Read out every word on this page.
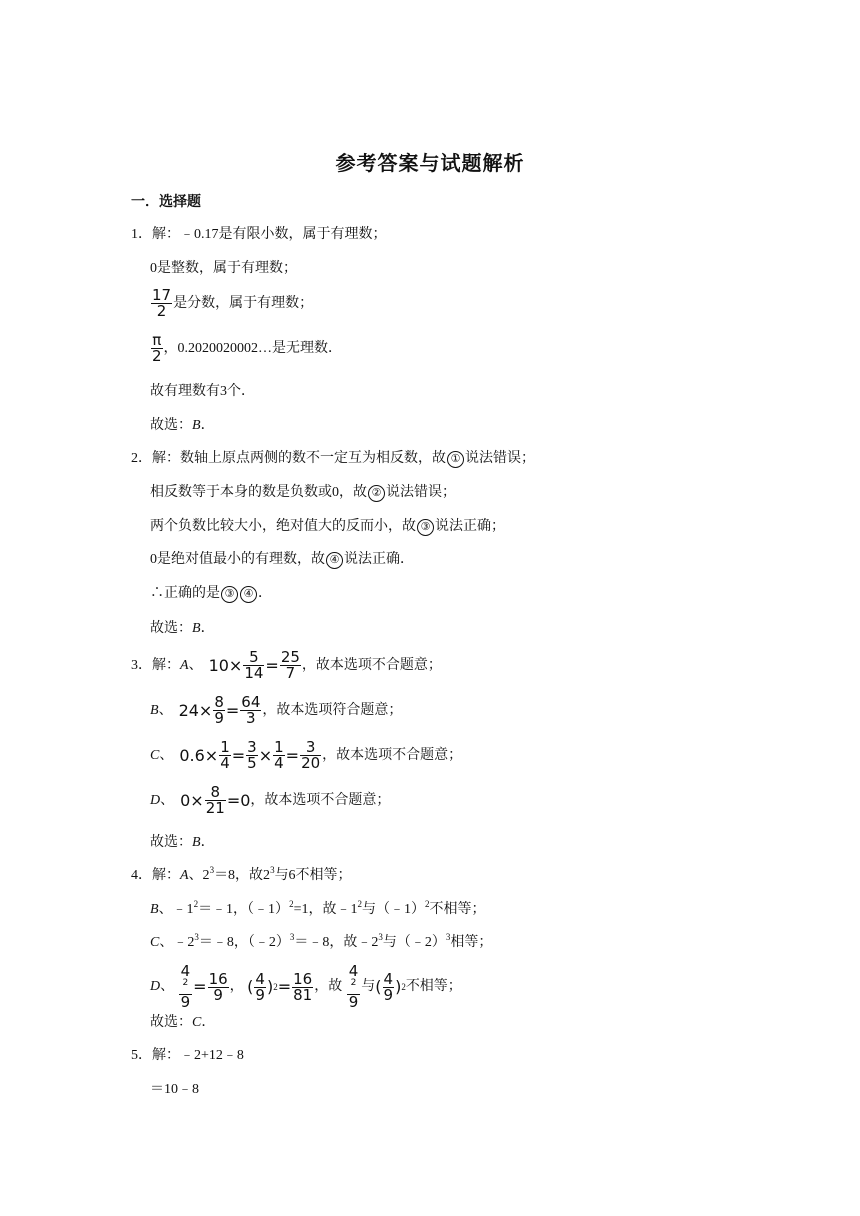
参考答案与试题解析
一．选择题
1．解：﹣0.17是有限小数，属于有理数；
0是整数，属于有理数；
$\frac{17}{2}$ 是分数，属于有理数；
$\frac{\pi}{2}$ ，0.2020020002…是无理数．
故有理数有3个．
故选：B．
2．解：数轴上原点两侧的数不一定互为相反数，故 ① 说法错误；
相反数等于本身的数是负数或0，故 ② 说法错误；
两个负数比较大小，绝对值大的反而小，故 ③ 说法正确；
0是绝对值最小的有理数，故 ④ 说法正确．
∴正确的是 ③ ④ ．
故选：B．
3．解：A、 $10\times \frac{5}{14} = \frac{25}{7}$ ，故本选项不合题意；
B、 $24\times \frac{8}{9} = \frac{64}{3}$ ，故本选项符合题意；
C、 $0.6\times \frac{1}{4} = \frac{3}{5} \times \frac{1}{4} = \frac{3}{20}$ ，故本选项不合题意；
D、 $0\times \frac{8}{21} =0$，故本选项不合题意；
故选：B．
4．解：A、$2^3=8$，故$2^3$与6不相等；
B、$﹣1^2=﹣1$，（﹣1）$^2$=1，故$﹣1^2$与（﹣1）$^2$不相等；
C、$﹣2^3=﹣8$，（﹣2）$^3$＝﹣8，故$﹣2^3$与（﹣2）$^3$相等；
D、 4
$^2$
$9 = \frac{16}{9}$ ， ( $\frac{4}{9} )2= \frac{16}{81}$ ，故 4
$^2$
9 与( $\frac{4}{9} )2$不相等；
故选：C．
5．解：﹣2+12﹣8
＝10﹣8
